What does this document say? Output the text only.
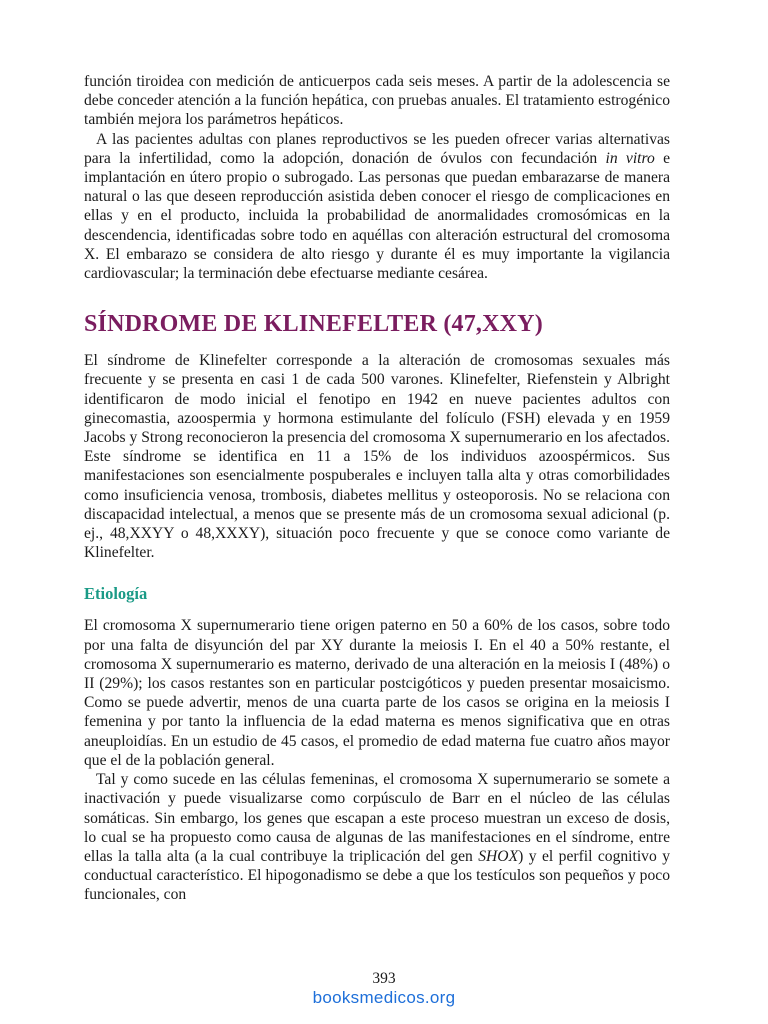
función tiroidea con medición de anticuerpos cada seis meses. A partir de la adolescencia se debe conceder atención a la función hepática, con pruebas anuales. El tratamiento estrogénico también mejora los parámetros hepáticos.

A las pacientes adultas con planes reproductivos se les pueden ofrecer varias alternativas para la infertilidad, como la adopción, donación de óvulos con fecundación in vitro e implantación en útero propio o subrogado. Las personas que puedan embarazarse de manera natural o las que deseen reproducción asistida deben conocer el riesgo de complicaciones en ellas y en el producto, incluida la probabilidad de anormalidades cromosómicas en la descendencia, identificadas sobre todo en aquéllas con alteración estructural del cromosoma X. El embarazo se considera de alto riesgo y durante él es muy importante la vigilancia cardiovascular; la terminación debe efectuarse mediante cesárea.

SÍNDROME DE KLINEFELTER (47,XXY)

El síndrome de Klinefelter corresponde a la alteración de cromosomas sexuales más frecuente y se presenta en casi 1 de cada 500 varones. Klinefelter, Riefenstein y Albright identificaron de modo inicial el fenotipo en 1942 en nueve pacientes adultos con ginecomastia, azoospermia y hormona estimulante del folículo (FSH) elevada y en 1959 Jacobs y Strong reconocieron la presencia del cromosoma X supernumerario en los afectados. Este síndrome se identifica en 11 a 15% de los individuos azoospérmicos. Sus manifestaciones son esencialmente pospuberales e incluyen talla alta y otras comorbilidades como insuficiencia venosa, trombosis, diabetes mellitus y osteoporosis. No se relaciona con discapacidad intelectual, a menos que se presente más de un cromosoma sexual adicional (p. ej., 48,XXYY o 48,XXXY), situación poco frecuente y que se conoce como variante de Klinefelter.

Etiología

El cromosoma X supernumerario tiene origen paterno en 50 a 60% de los casos, sobre todo por una falta de disyunción del par XY durante la meiosis I. En el 40 a 50% restante, el cromosoma X supernumerario es materno, derivado de una alteración en la meiosis I (48%) o II (29%); los casos restantes son en particular postcigóticos y pueden presentar mosaicismo. Como se puede advertir, menos de una cuarta parte de los casos se origina en la meiosis I femenina y por tanto la influencia de la edad materna es menos significativa que en otras aneuploidías. En un estudio de 45 casos, el promedio de edad materna fue cuatro años mayor que el de la población general.

Tal y como sucede en las células femeninas, el cromosoma X supernumerario se somete a inactivación y puede visualizarse como corpúsculo de Barr en el núcleo de las células somáticas. Sin embargo, los genes que escapan a este proceso muestran un exceso de dosis, lo cual se ha propuesto como causa de algunas de las manifestaciones en el síndrome, entre ellas la talla alta (a la cual contribuye la triplicación del gen SHOX) y el perfil cognitivo y conductual característico. El hipogonadismo se debe a que los testículos son pequeños y poco funcionales, con

393
booksmedicos.org
